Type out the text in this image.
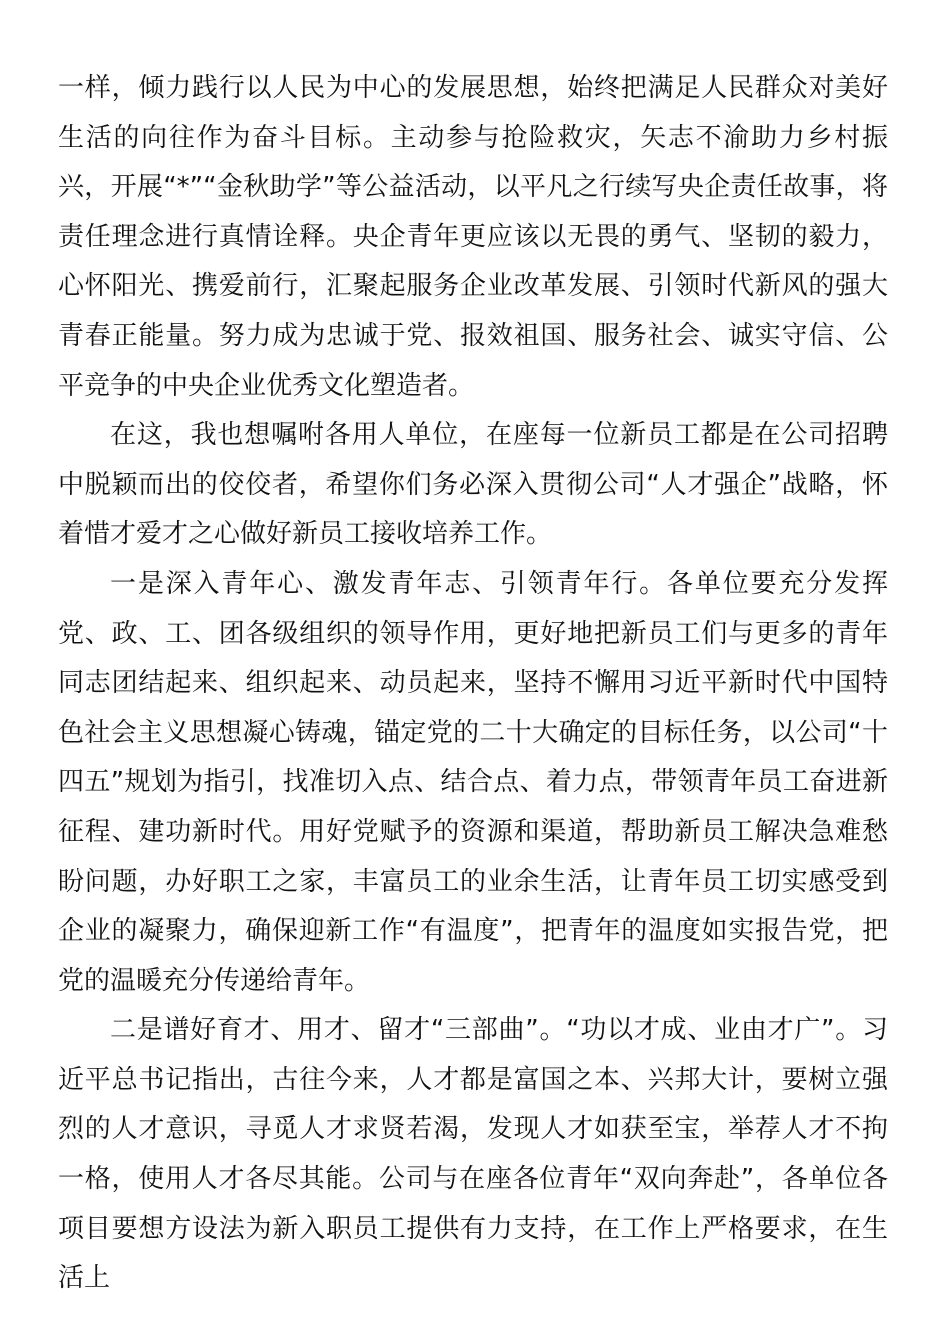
一样，倾力践行以人民为中心的发展思想，始终把满足人民群众对美好生活的向往作为奋斗目标。主动参与抢险救灾，矢志不渝助力乡村振兴，开展“*”“金秋助学”等公益活动，以平凡之行续写央企责任故事，将责任理念进行真情诠释。央企青年更应该以无畏的勇气、坚韧的毅力，心怀阳光、携爱前行，汇聚起服务企业改革发展、引领时代新风的强大青春正能量。努力成为忠诚于党、报效祖国、服务社会、诚实守信、公平竞争的中央企业优秀文化塑造者。

在这，我也想嘱咐各用人单位，在座每一位新员工都是在公司招聘中脱颖而出的佼佼者，希望你们务必深入贯彻公司“人才强企”战略，怀着惜才爱才之心做好新员工接收培养工作。

一是深入青年心、激发青年志、引领青年行。各单位要充分发挥党、政、工、团各级组织的领导作用，更好地把新员工们与更多的青年同志团结起来、组织起来、动员起来，坚持不懈用习近平新时代中国特色社会主义思想凝心铸魂，锚定党的二十大确定的目标任务，以公司“十四五”规划为指引，找准切入点、结合点、着力点，带领青年员工奋进新征程、建功新时代。用好党赋予的资源和渠道，帮助新员工解决急难愁盼问题，办好职工之家，丰富员工的业余生活，让青年员工切实感受到企业的凝聚力，确保迎新工作“有温度”，把青年的温度如实报告党，把党的温暖充分传递给青年。

二是谱好育才、用才、留才“三部曲”。“功以才成、业由才广”。习近平总书记指出，古往今来，人才都是富国之本、兴邦大计，要树立强烈的人才意识，寻觅人才求贤若渴，发现人才如获至宝，举荐人才不拘一格，使用人才各尽其能。公司与在座各位青年“双向奔赴”，各单位各项目要想方设法为新入职员工提供有力支持，在工作上严格要求，在生活上
